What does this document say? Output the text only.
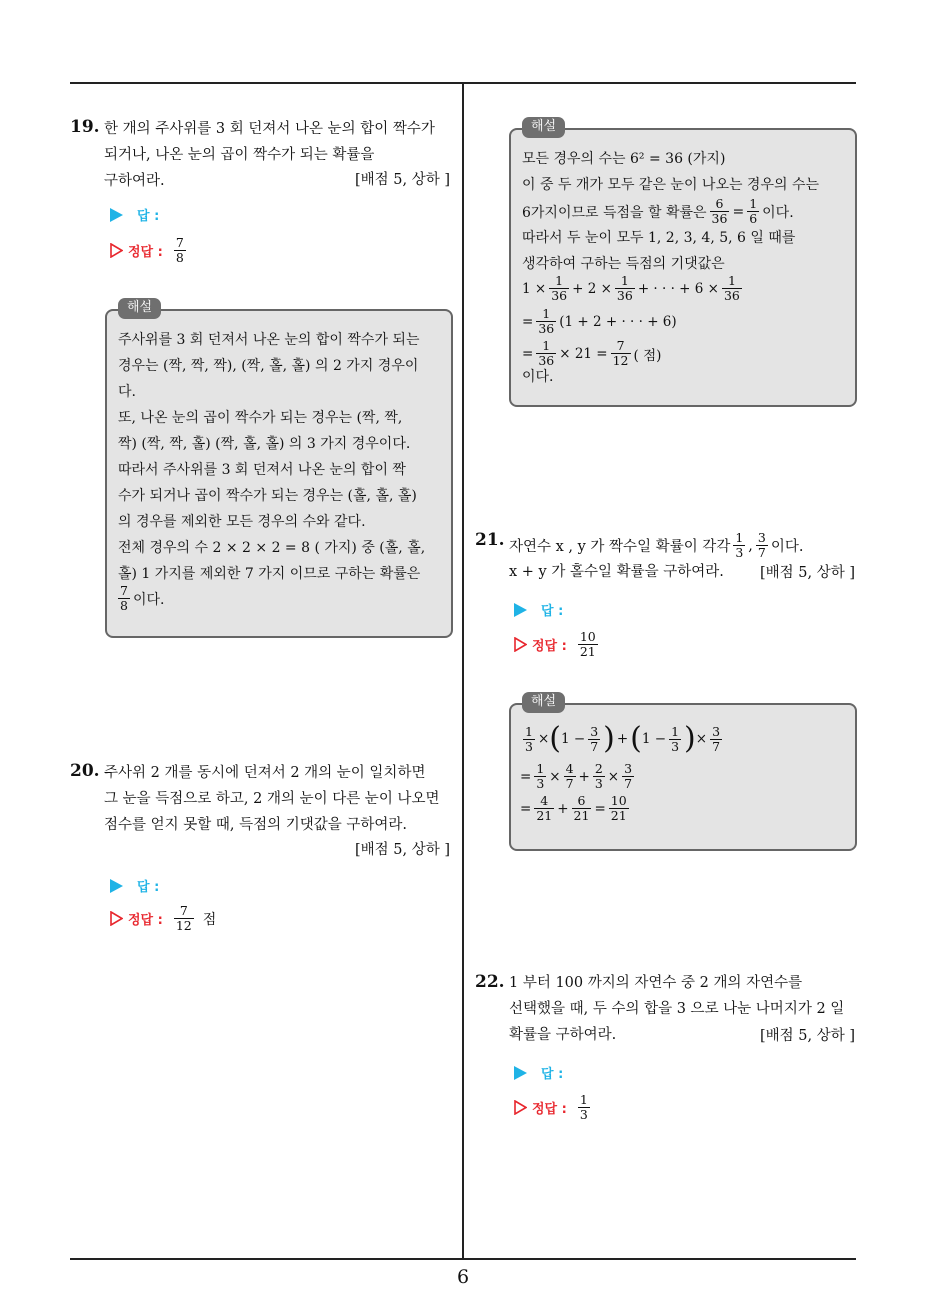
6
19. 한 개의 주사위를 3 회 던져서 나온 눈의 합이 짝수가
되거나, 나온 눈의 곱이 짝수가 되는 확률을
구하여라.	[배점 5, 상하 ]
답 :
정답 : $\frac{7}{8}$
해설
주사위를 3 회 던져서 나온 눈의 합이 짝수가 되는
경우는 (짝, 짝, 짝), (짝, 홀, 홀) 의 2 가지 경우이
다.
또, 나온 눈의 곱이 짝수가 되는 경우는 (짝, 짝,
짝) (짝, 짝, 홀) (짝, 홀, 홀) 의 3 가지 경우이다.
따라서 주사위를 3 회 던져서 나온 눈의 합이 짝
수가 되거나 곱이 짝수가 되는 경우는 (홀, 홀, 홀)
의 경우를 제외한 모든 경우의 수와 같다.
전체 경우의 수 2 × 2 × 2 = 8 ( 가지) 중 (홀, 홀,
홀) 1 가지를 제외한 7 가지 이므로 구하는 확률은
$\frac{7}{8}$ 이다.
20. 주사위 2 개를 동시에 던져서 2 개의 눈이 일치하면
그 눈을 득점으로 하고, 2 개의 눈이 다른 눈이 나오면
점수를 얻지 못할 때, 득점의 기댓값을 구하여라.
[배점 5, 상하 ]
답 :
정답 : $\frac{7}{12}$ 점
해설
모든 경우의 수는 6² = 36 (가지)
이 중 두 개가 모두 같은 눈이 나오는 경우의 수는
6가지이므로 득점을 할 확률은 $\frac{6}{36} = \frac{1}{6}$ 이다.
따라서 두 눈이 모두 1, 2, 3, 4, 5, 6 일 때를
생각하여 구하는 득점의 기댓값은
$1 \times \frac{1}{36} + 2 \times \frac{1}{36}$ + · · · + $6 \times \frac{1}{36}$
= $\frac{1}{36} (1 + 2$ + · · · + 6)
= $\frac{1}{36} \times 21 = \frac{7}{12}$ ( 점)
이다.
21. 자연수 x , y 가 짝수일 확률이 각각 $\frac{1}{3}$ , $\frac{3}{7}$ 이다.
x + y 가 홀수일 확률을 구하여라. [배점 5, 상하 ]
답 :
정답 : $\frac{10}{21}$
해설
$\frac{1}{3}$ × ( $1 - \frac{3}{7}$ ) + ( $1 - \frac{1}{3}$ ) × $\frac{3}{7}$
= $\frac{1}{3} \times \frac{4}{7} + \frac{2}{3} \times \frac{3}{7}$
= $\frac{4}{21} + \frac{6}{21} = \frac{10}{21}$
22. 1 부터 100 까지의 자연수 중 2 개의 자연수를
선택했을 때, 두 수의 합을 3 으로 나눈 나머지가 2 일
확률을 구하여라.	[배점 5, 상하 ]
답 :
정답 : $\frac{1}{3}$
